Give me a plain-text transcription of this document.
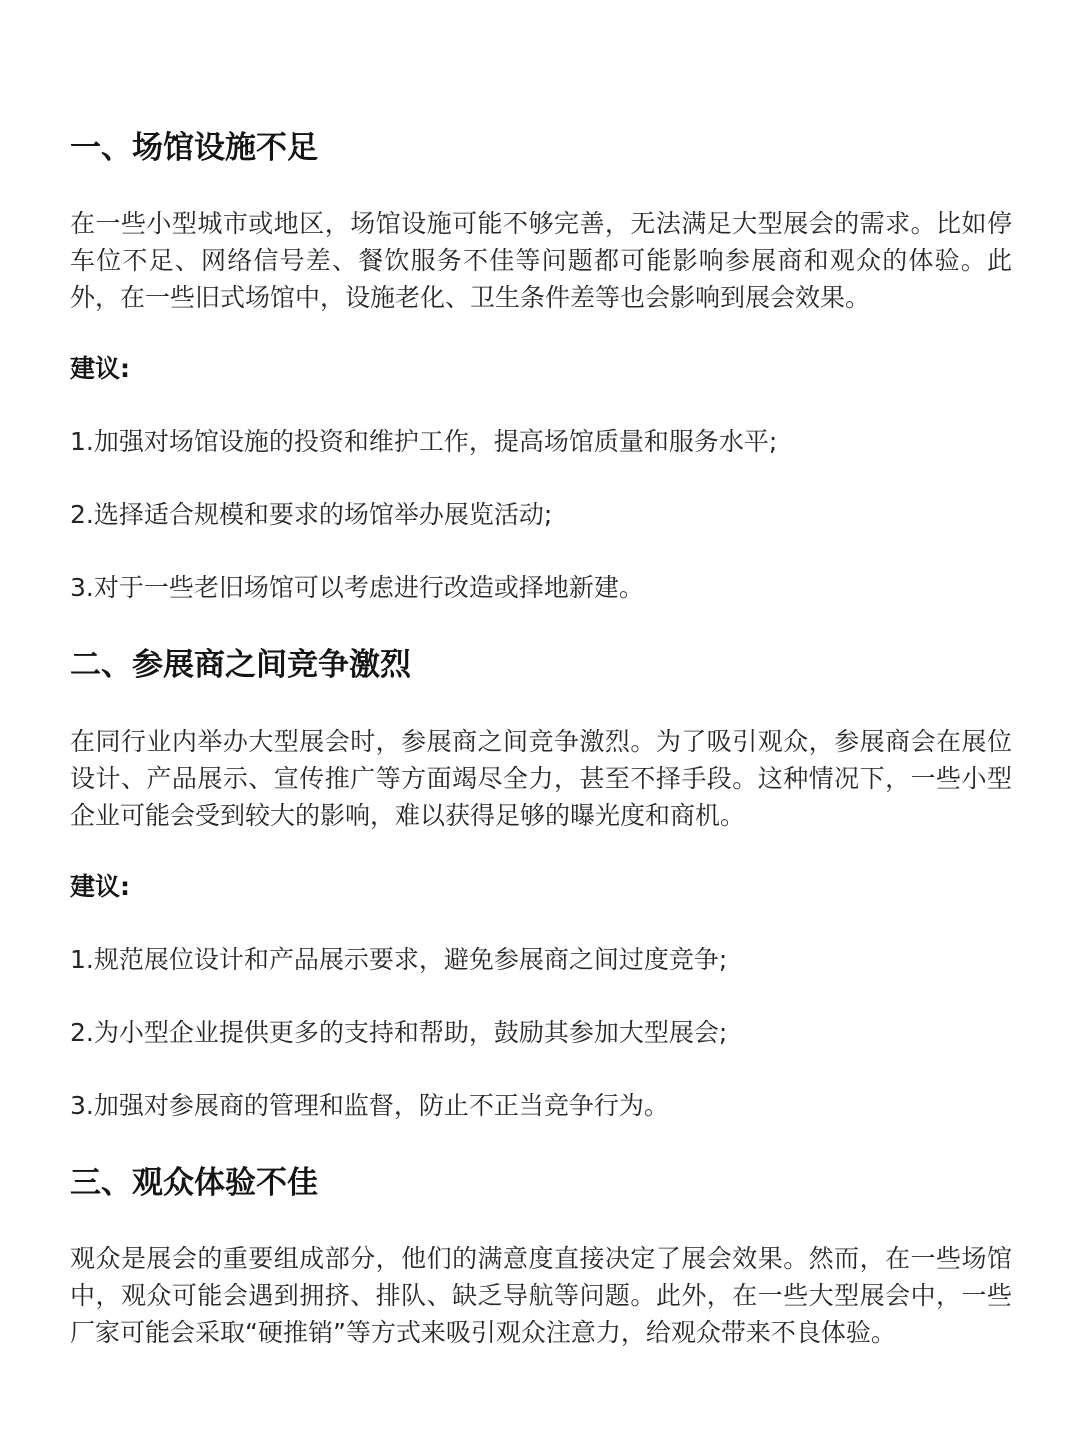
一、场馆设施不足
在一些小型城市或地区，场馆设施可能不够完善，无法满足大型展会的需求。比如停车位不足、网络信号差、餐饮服务不佳等问题都可能影响参展商和观众的体验。此外，在一些旧式场馆中，设施老化、卫生条件差等也会影响到展会效果。
建议:
1.加强对场馆设施的投资和维护工作，提高场馆质量和服务水平;
2.选择适合规模和要求的场馆举办展览活动;
3.对于一些老旧场馆可以考虑进行改造或择地新建。
二、参展商之间竞争激烈
在同行业内举办大型展会时，参展商之间竞争激烈。为了吸引观众，参展商会在展位设计、产品展示、宣传推广等方面竭尽全力，甚至不择手段。这种情况下，一些小型企业可能会受到较大的影响，难以获得足够的曝光度和商机。
建议:
1.规范展位设计和产品展示要求，避免参展商之间过度竞争;
2.为小型企业提供更多的支持和帮助，鼓励其参加大型展会;
3.加强对参展商的管理和监督，防止不正当竞争行为。
三、观众体验不佳
观众是展会的重要组成部分，他们的满意度直接决定了展会效果。然而，在一些场馆中，观众可能会遇到拥挤、排队、缺乏导航等问题。此外，在一些大型展会中，一些厂家可能会采取“硬推销”等方式来吸引观众注意力，给观众带来不良体验。
